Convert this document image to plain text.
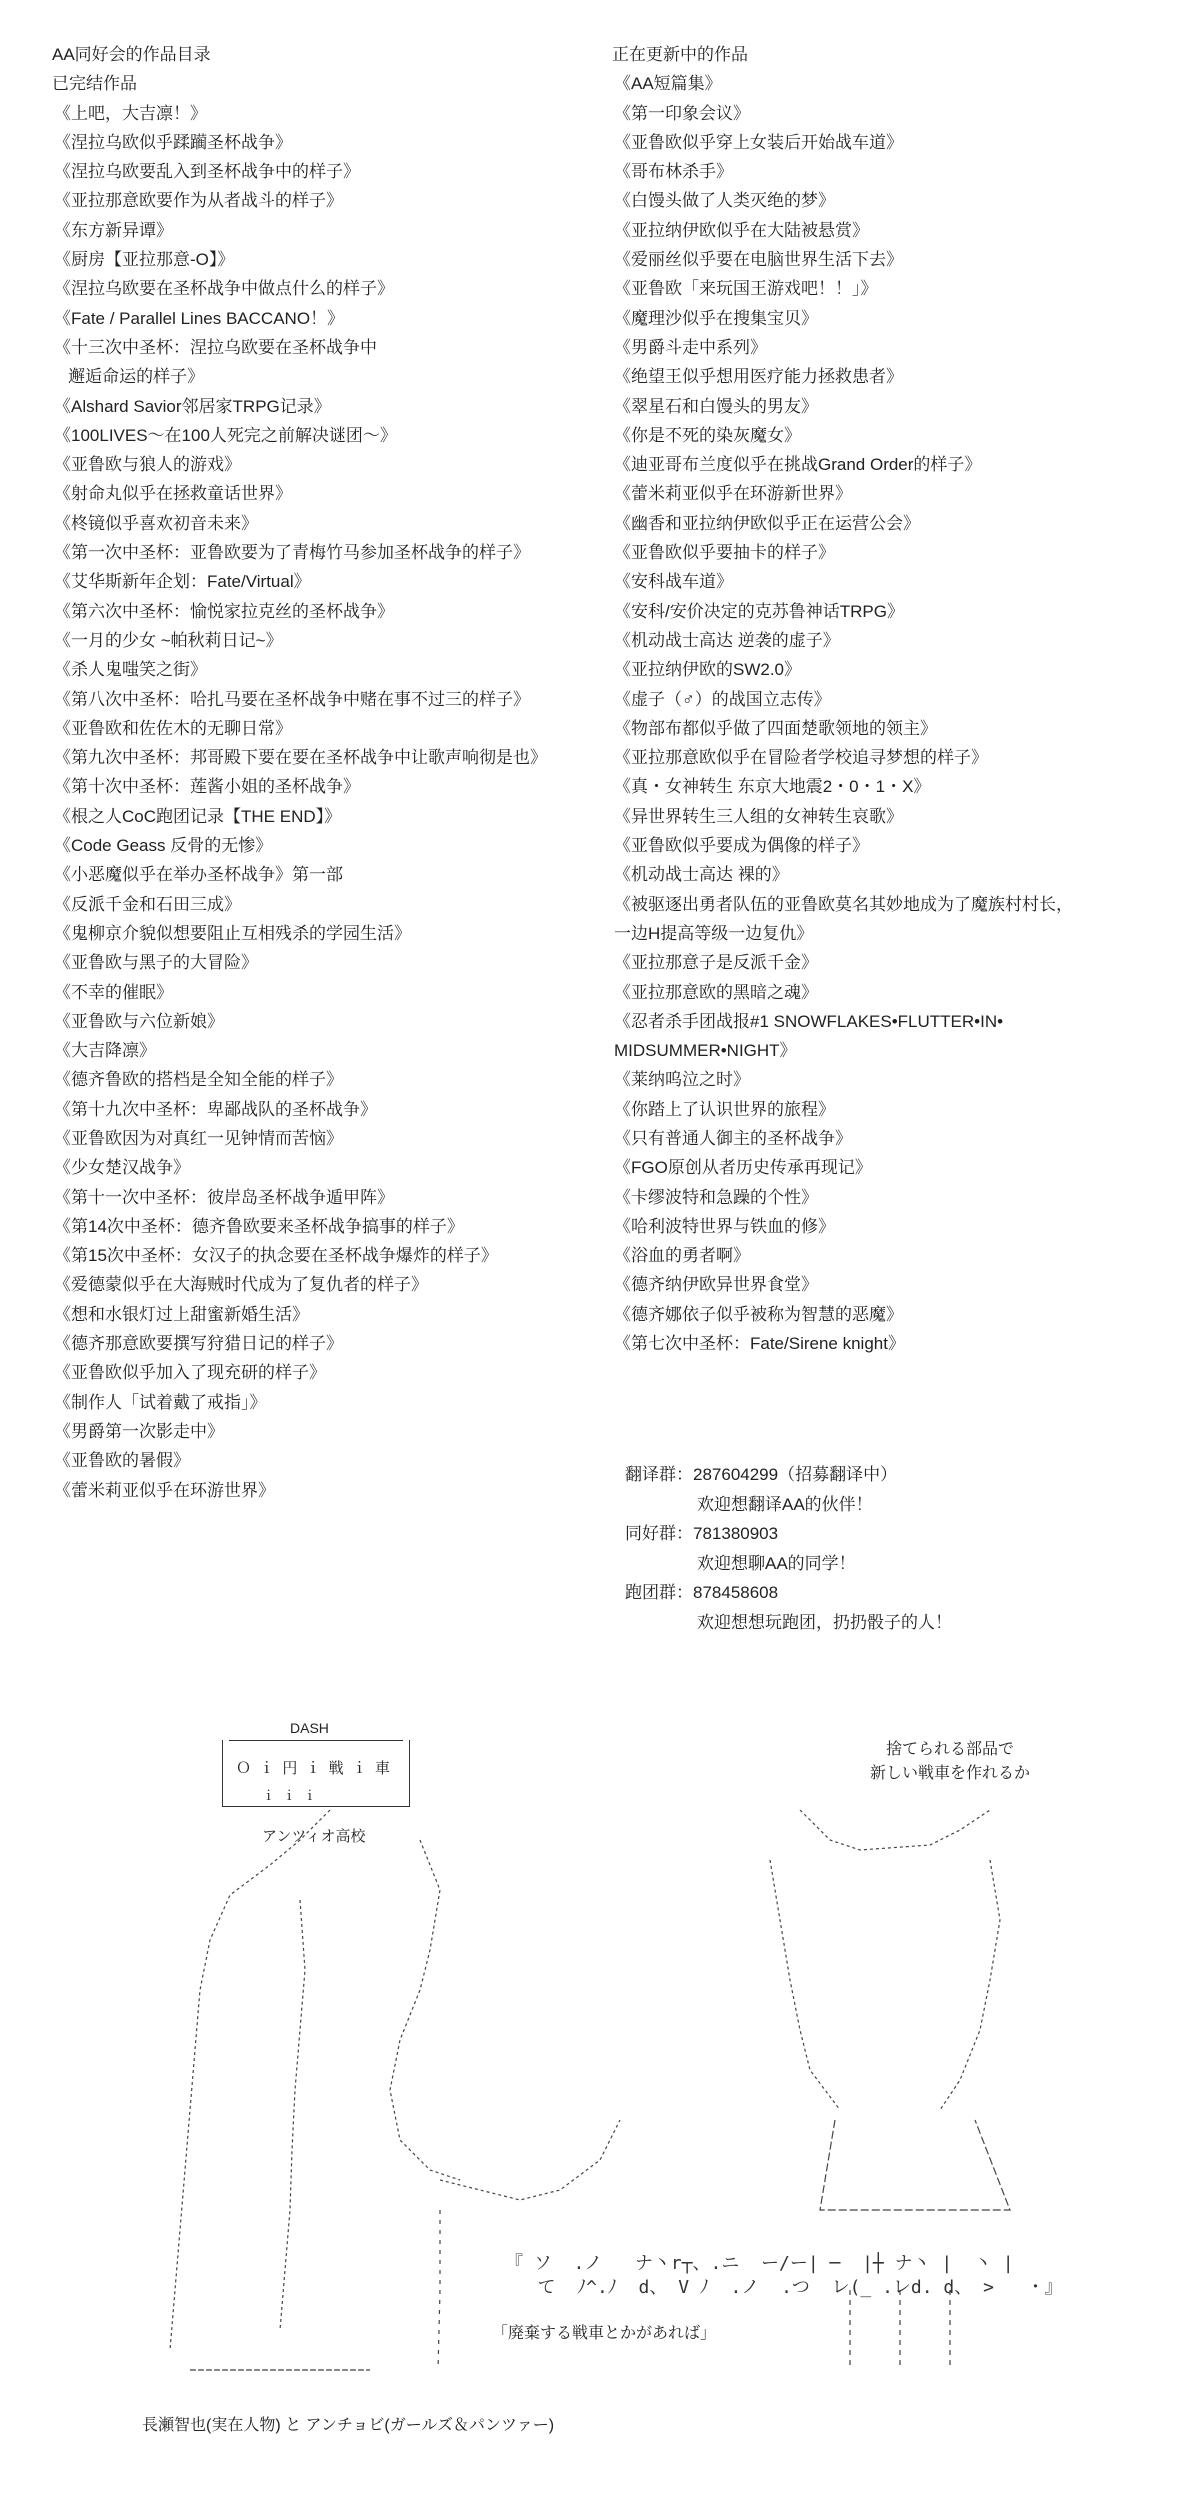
AA同好会的作品目录
已完结作品
《上吧，大吉凛！》
《涅拉乌欧似乎蹂躏圣杯战争》
《涅拉乌欧要乱入到圣杯战争中的样子》
《亚拉那意欧要作为从者战斗的样子》
《东方新异谭》
《厨房【亚拉那意-O】》
《涅拉乌欧要在圣杯战争中做点什么的样子》
《Fate / Parallel Lines BACCANO！》
《十三次中圣杯：涅拉乌欧要在圣杯战争中
邂逅命运的样子》
《Alshard Savior邻居家TRPG记录》
《100LIVES～在100人死完之前解决谜团～》
《亚鲁欧与狼人的游戏》
《射命丸似乎在拯救童话世界》
《柊镜似乎喜欢初音未来》
《第一次中圣杯：亚鲁欧要为了青梅竹马参加圣杯战争的样子》
《艾华斯新年企划：Fate/Virtual》
《第六次中圣杯：愉悦家拉克丝的圣杯战争》
《一月的少女 ~帕秋莉日记~》
《杀人鬼嗤笑之街》
《第八次中圣杯：哈扎马要在圣杯战争中赌在事不过三的样子》
《亚鲁欧和佐佐木的无聊日常》
《第九次中圣杯：邦哥殿下要在要在圣杯战争中让歌声响彻是也》
《第十次中圣杯：莲酱小姐的圣杯战争》
《根之人CoC跑团记录【THE END】》
《Code Geass 反骨的无惨》
《小恶魔似乎在举办圣杯战争》第一部
《反派千金和石田三成》
《鬼柳京介貌似想要阻止互相残杀的学园生活》
《亚鲁欧与黑子的大冒险》
《不幸的催眠》
《亚鲁欧与六位新娘》
《大吉降凛》
《德齐鲁欧的搭档是全知全能的样子》
《第十九次中圣杯：卑鄙战队的圣杯战争》
《亚鲁欧因为对真红一见钟情而苦恼》
《少女楚汉战争》
《第十一次中圣杯：彼岸岛圣杯战争遁甲阵》
《第14次中圣杯：德齐鲁欧要来圣杯战争搞事的样子》
《第15次中圣杯：女汉子的执念要在圣杯战争爆炸的样子》
《爱德蒙似乎在大海贼时代成为了复仇者的样子》
《想和水银灯过上甜蜜新婚生活》
《德齐那意欧要撰写狩猎日记的样子》
《亚鲁欧似乎加入了现充研的样子》
《制作人「试着戴了戒指」》
《男爵第一次影走中》
《亚鲁欧的暑假》
《蕾米莉亚似乎在环游世界》
正在更新中的作品
《AA短篇集》
《第一印象会议》
《亚鲁欧似乎穿上女装后开始战车道》
《哥布林杀手》
《白馒头做了人类灭绝的梦》
《亚拉纳伊欧似乎在大陆被悬赏》
《爱丽丝似乎要在电脑世界生活下去》
《亚鲁欧「来玩国王游戏吧！！」》
《魔理沙似乎在搜集宝贝》
《男爵斗走中系列》
《绝望王似乎想用医疗能力拯救患者》
《翠星石和白馒头的男友》
《你是不死的染灰魔女》
《迪亚哥布兰度似乎在挑战Grand Order的样子》
《蕾米莉亚似乎在环游新世界》
《幽香和亚拉纳伊欧似乎正在运营公会》
《亚鲁欧似乎要抽卡的样子》
《安科战车道》
《安科/安价决定的克苏鲁神话TRPG》
《机动战士高达 逆袭的虚子》
《亚拉纳伊欧的SW2.0》
《虚子（♂）的战国立志传》
《物部布都似乎做了四面楚歌领地的领主》
《亚拉那意欧似乎在冒险者学校追寻梦想的样子》
《真・女神转生 东京大地震2・0・1・X》
《异世界转生三人组的女神转生哀歌》
《亚鲁欧似乎要成为偶像的样子》
《机动战士高达 裸的》
《被驱逐出勇者队伍的亚鲁欧莫名其妙地成为了魔族村村长，
一边H提高等级一边复仇》
《亚拉那意子是反派千金》
《亚拉那意欧的黑暗之魂》
《忍者杀手团战报#1 SNOWFLAKES•FLUTTER•IN•
MIDSUMMER•NIGHT》
《莱纳呜泣之时》
《你踏上了认识世界的旅程》
《只有普通人御主的圣杯战争》
《FGO原创从者历史传承再现记》
《卡缪波特和急躁的个性》
《哈利波特世界与铁血的修》
《浴血的勇者啊》
《德齐纳伊欧异世界食堂》
《德齐娜依子似乎被称为智慧的恶魔》
《第七次中圣杯：Fate/Sirene knight》
翻译群：287604299（招募翻译中）
欢迎想翻译AA的伙伴！
同好群：781380903
欢迎想聊AA的同学！
跑团群：878458608
欢迎想想玩跑团，扔扔骰子的人！
DASH
Ｏ ｉ 円 ｉ 戦 ｉ 車
ｉ ｉ ｉ
アンツィオ高校
捨てられる部品で
新しい戦車を作れるか
『 ソ  .ノ   ナ丶r┬、.ニ  ー/ー| ─  |┼ ナ丶 |  丶 |
て  ﾉ^.ﾉ  d、 V ﾉ  .ノ  .つ  レ(_ .レd. d、 >   ・』
「廃棄する戦車とかがあれば」
長瀬智也(実在人物) と アンチョビ(ガールズ＆パンツァー)
